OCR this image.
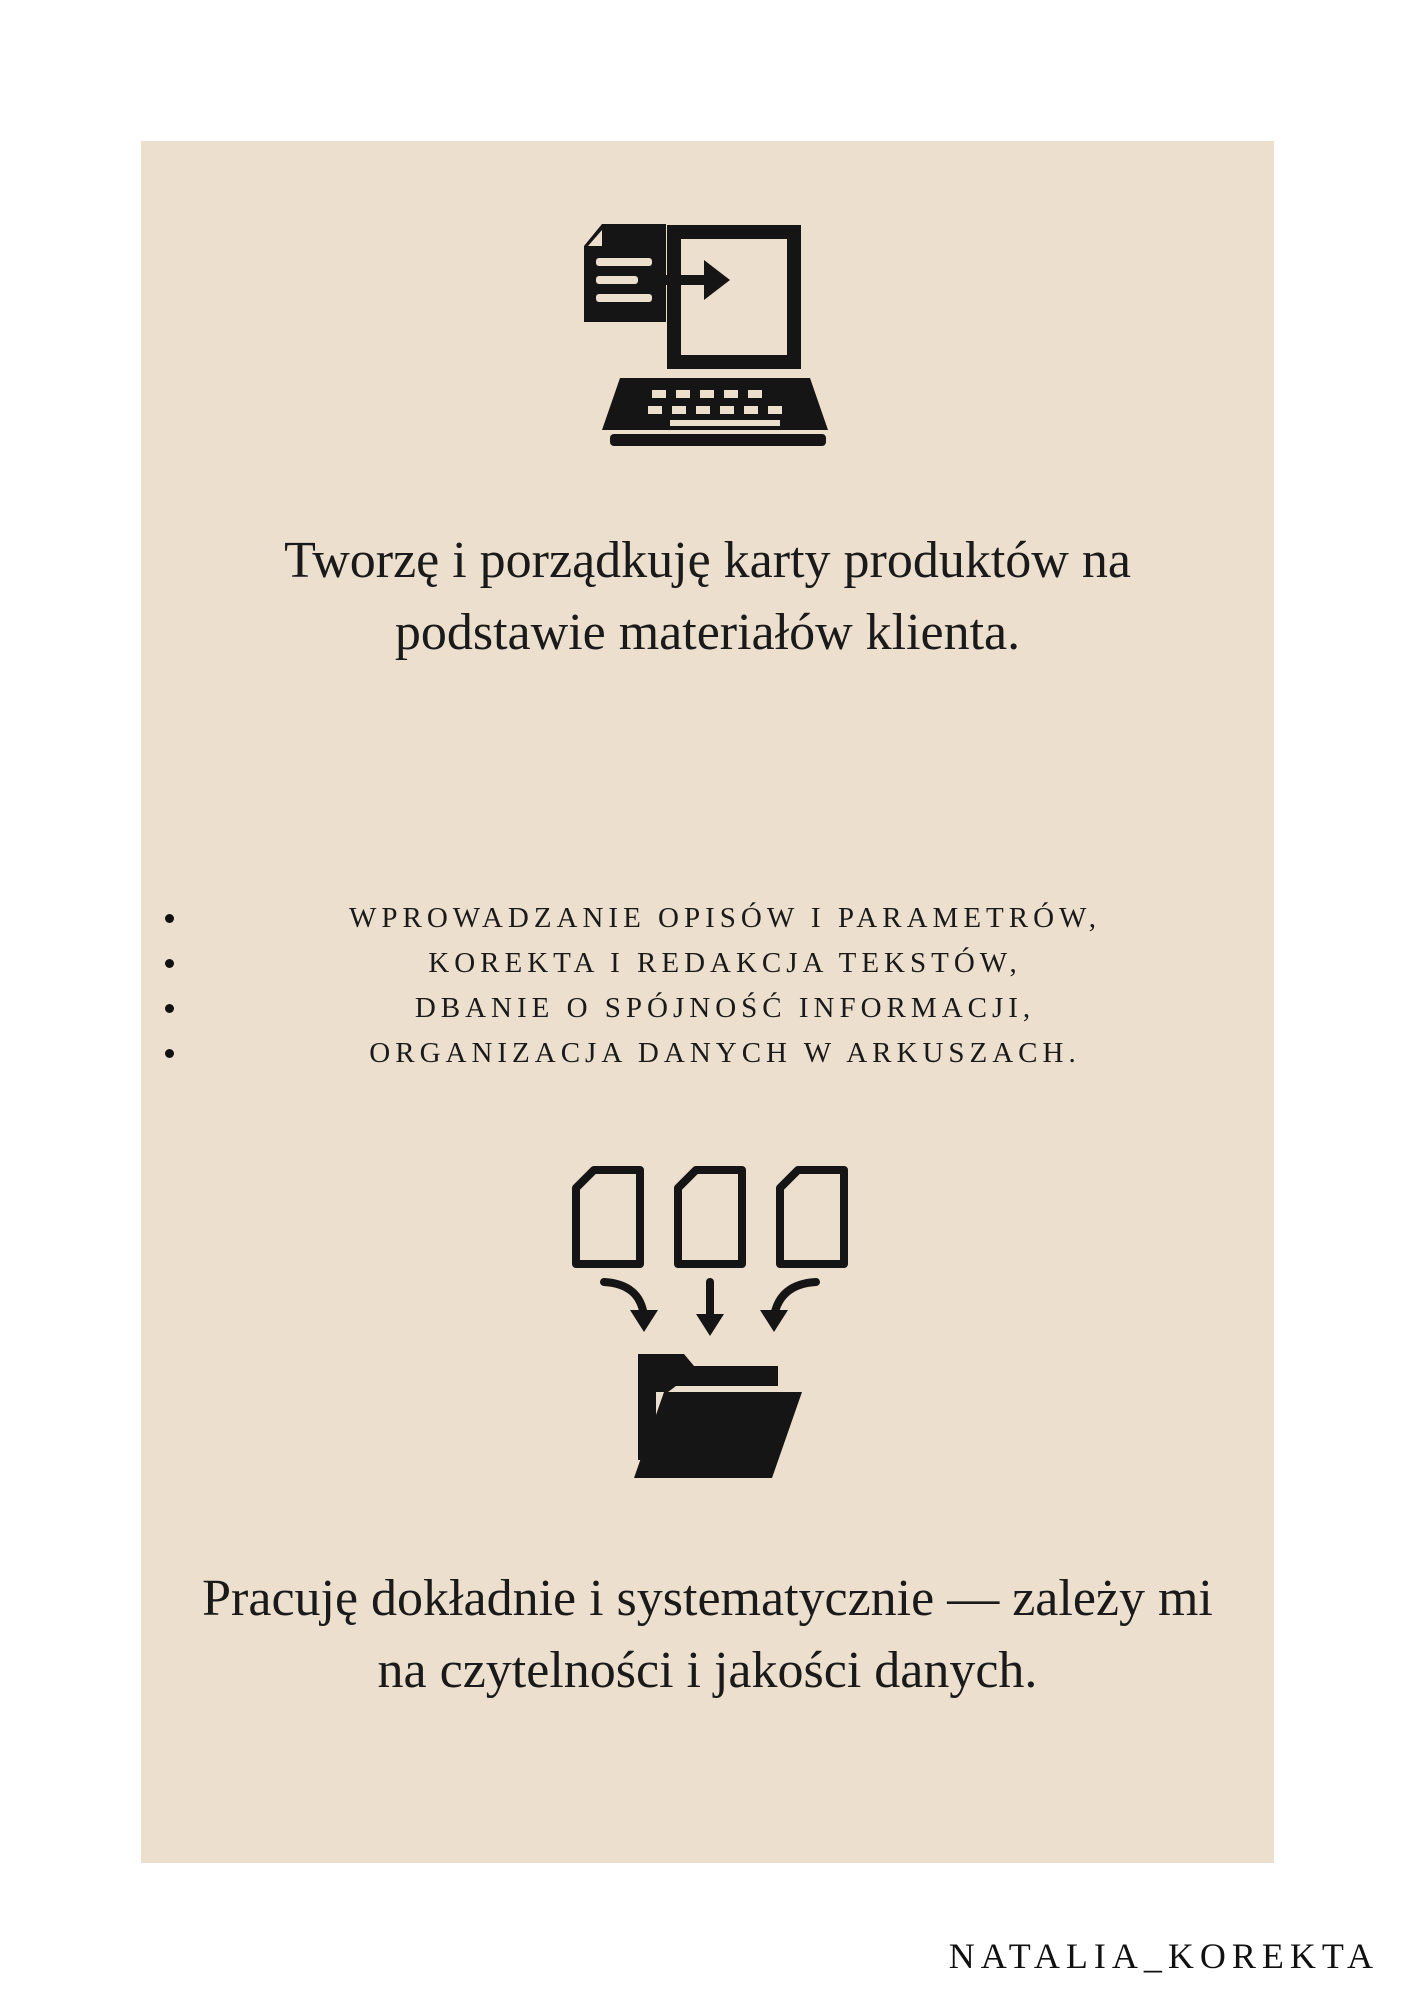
Tworzę i porządkuję karty produktów na podstawie materiałów klienta.

WPROWADZANIE OPISÓW I PARAMETRÓW,
KOREKTA I REDAKCJA TEKSTÓW,
DBANIE O SPÓJNOŚĆ INFORMACJI,
ORGANIZACJA DANYCH W ARKUSZACH.

Pracuję dokładnie i systematycznie — zależy mi na czytelności i jakości danych.

NATALIA_KOREKTA
